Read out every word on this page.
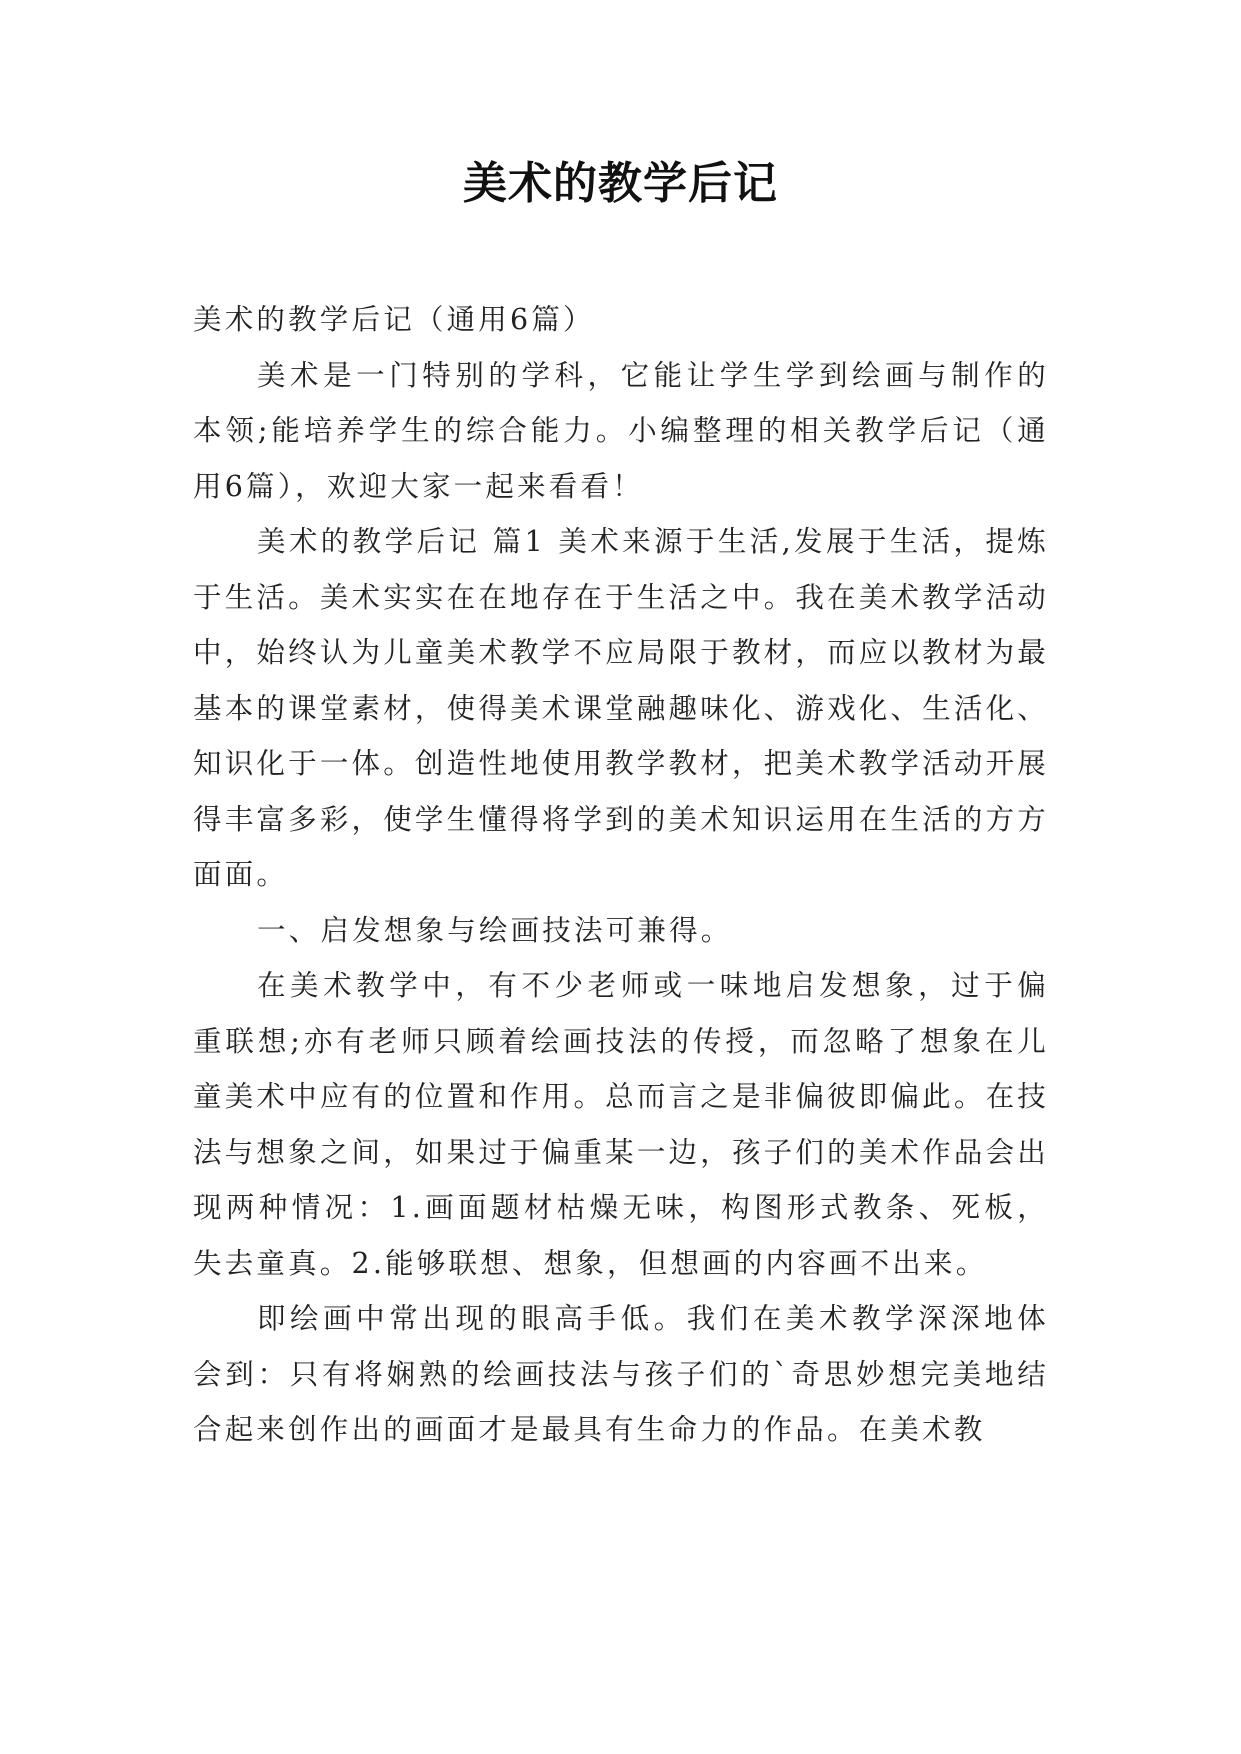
美术的教学后记

美术的教学后记（通用6篇）

美术是一门特别的学科，它能让学生学到绘画与制作的本领;能培养学生的综合能力。小编整理的相关教学后记（通用6篇），欢迎大家一起来看看！

美术的教学后记 篇1 美术来源于生活,发展于生活，提炼于生活。美术实实在在地存在于生活之中。我在美术教学活动中，始终认为儿童美术教学不应局限于教材，而应以教材为最基本的课堂素材，使得美术课堂融趣味化、游戏化、生活化、知识化于一体。创造性地使用教学教材，把美术教学活动开展得丰富多彩，使学生懂得将学到的美术知识运用在生活的方方面面。

一、启发想象与绘画技法可兼得。

在美术教学中，有不少老师或一味地启发想象，过于偏重联想;亦有老师只顾着绘画技法的传授，而忽略了想象在儿童美术中应有的位置和作用。总而言之是非偏彼即偏此。在技法与想象之间，如果过于偏重某一边，孩子们的美术作品会出现两种情况：1.画面题材枯燥无味，构图形式教条、死板，失去童真。2.能够联想、想象，但想画的内容画不出来。

即绘画中常出现的眼高手低。我们在美术教学深深地体会到：只有将娴熟的绘画技法与孩子们的`奇思妙想完美地结合起来创作出的画面才是最具有生命力的作品。在美术教
